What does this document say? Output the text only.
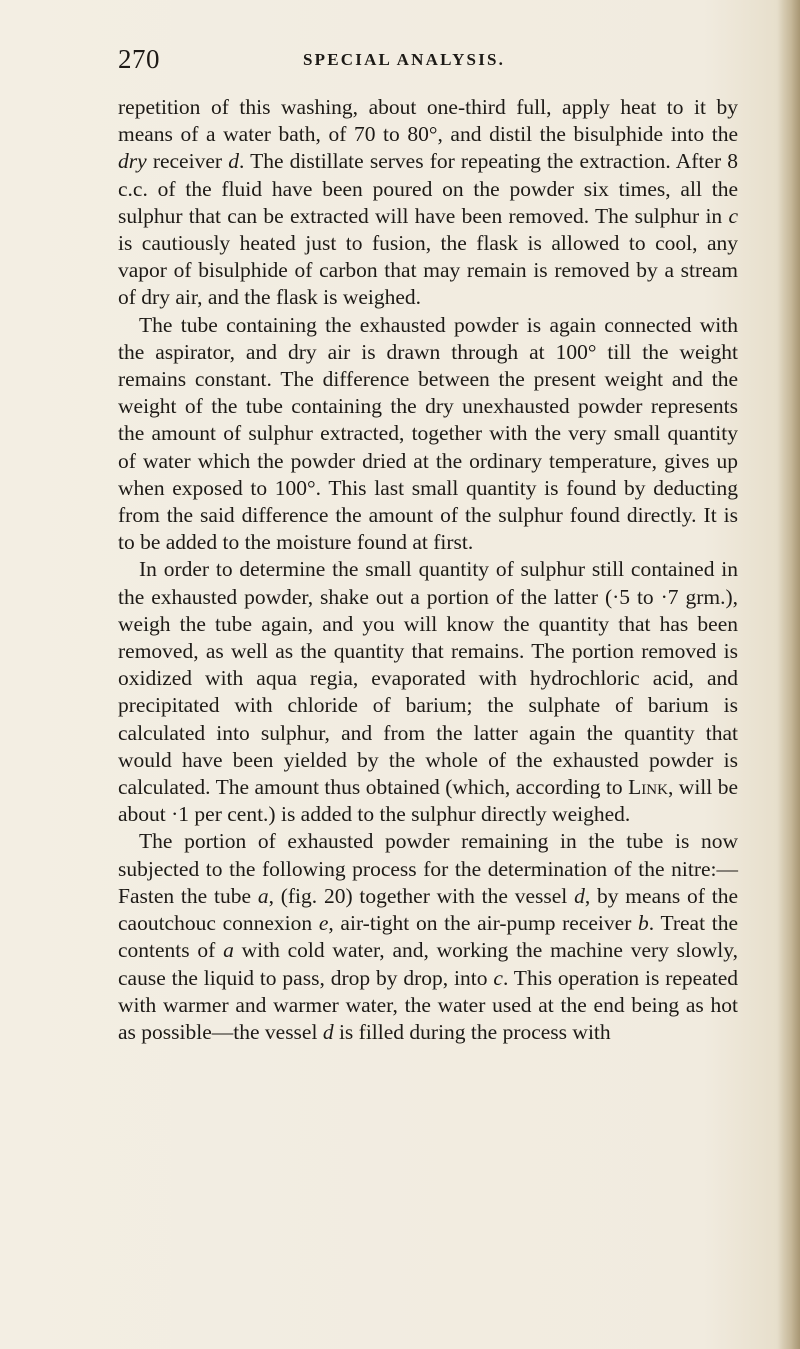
270	SPECIAL ANALYSIS.

repetition of this washing, about one-third full, apply heat to it by means of a water bath, of 70 to 80°, and distil the bisulphide into the dry receiver d. The distillate serves for repeating the extraction. After 8 c.c. of the fluid have been poured on the powder six times, all the sulphur that can be extracted will have been removed. The sulphur in c is cautiously heated just to fusion, the flask is allowed to cool, any vapor of bisulphide of carbon that may remain is removed by a stream of dry air, and the flask is weighed.

The tube containing the exhausted powder is again connected with the aspirator, and dry air is drawn through at 100° till the weight remains constant. The difference between the present weight and the weight of the tube containing the dry unexhausted powder represents the amount of sulphur extracted, together with the very small quantity of water which the powder dried at the ordinary temperature, gives up when exposed to 100°. This last small quantity is found by deducting from the said difference the amount of the sulphur found directly. It is to be added to the moisture found at first.

In order to determine the small quantity of sulphur still contained in the exhausted powder, shake out a portion of the latter (·5 to ·7 grm.), weigh the tube again, and you will know the quantity that has been removed, as well as the quantity that remains. The portion removed is oxidized with aqua regia, evaporated with hydrochloric acid, and precipitated with chloride of barium; the sulphate of barium is calculated into sulphur, and from the latter again the quantity that would have been yielded by the whole of the exhausted powder is calculated. The amount thus obtained (which, according to Link, will be about ·1 per cent.) is added to the sulphur directly weighed.

The portion of exhausted powder remaining in the tube is now subjected to the following process for the determination of the nitre:—Fasten the tube a, (fig. 20) together with the vessel d, by means of the caoutchouc connexion e, air-tight on the air-pump receiver b. Treat the contents of a with cold water, and, working the machine very slowly, cause the liquid to pass, drop by drop, into c. This operation is repeated with warmer and warmer water, the water used at the end being as hot as possible—the vessel d is filled during the process with
